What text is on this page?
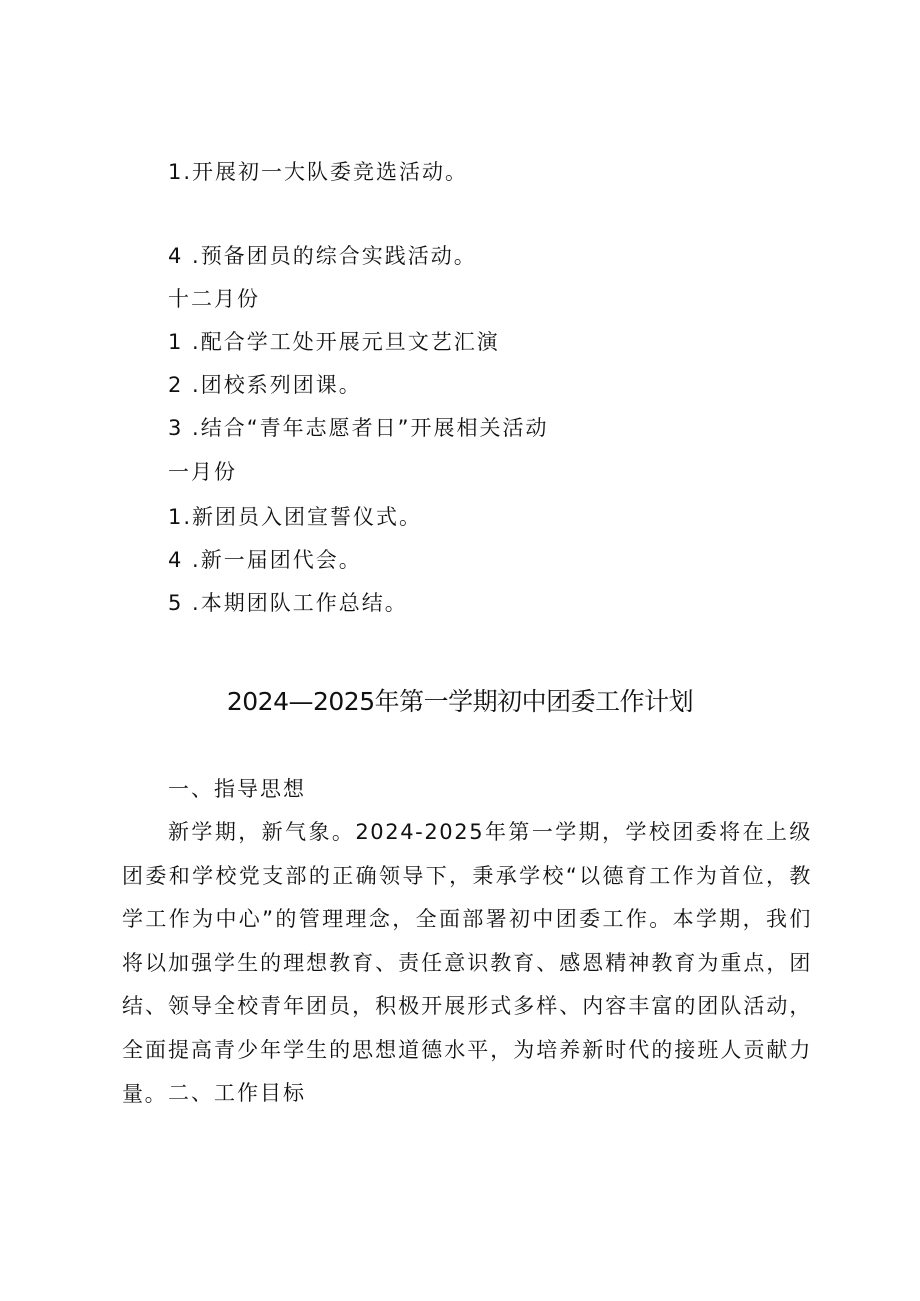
1.开展初一大队委竞选活动。
4 .预备团员的综合实践活动。
十二月份
1 .配合学工处开展元旦文艺汇演
2 .团校系列团课。
3 .结合“青年志愿者日”开展相关活动
一月份
1.新团员入团宣誓仪式。
4 .新一届团代会。
5 .本期团队工作总结。
2024—2025年第一学期初中团委工作计划
一、指导思想
新学期，新气象。2024-2025年第一学期，学校团委将在上级团委和学校党支部的正确领导下，秉承学校“以德育工作为首位，教学工作为中心”的管理理念，全面部署初中团委工作。本学期，我们将以加强学生的理想教育、责任意识教育、感恩精神教育为重点，团结、领导全校青年团员，积极开展形式多样、内容丰富的团队活动，全面提高青少年学生的思想道德水平，为培养新时代的接班人贡献力量。 二、工作目标
